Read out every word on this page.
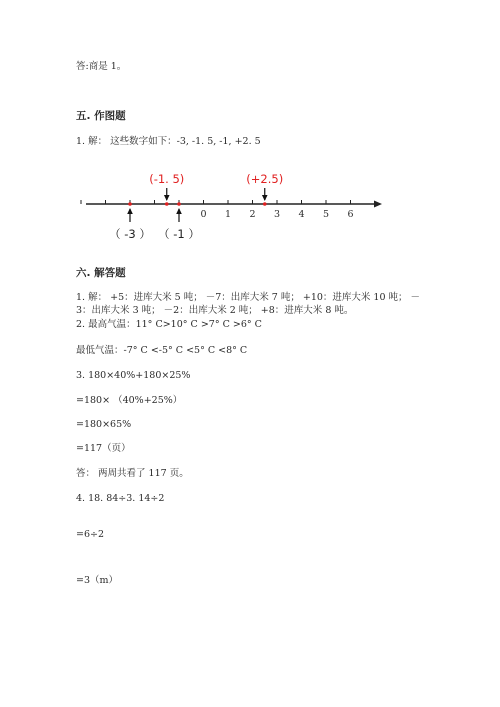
答:商是 1。
五. 作图题
1. 解： 这些数字如下：-3, -1. 5, -1, +2. 5
0 1 2 3 4 5 6
（ -3 ）
(-1. 5)
（ -1 ）
(+2.5)
六. 解答题
1. 解： +5：进库大米 5 吨； －7：出库大米 7 吨； +10：进库大米 10 吨； －
3：出库大米 3 吨； －2：出库大米 2 吨； +8：进库大米 8 吨。
2. 最高气温：11° C>10° C >7° C >6° C
最低气温：-7° C <-5° C <5° C <8° C
3. 180×40%+180×25%
=180× （40%+25%）
=180×65%
=117（页）
答： 两周共看了 117 页。
4. 18. 84÷3. 14÷2
=6÷2
=3（m）
